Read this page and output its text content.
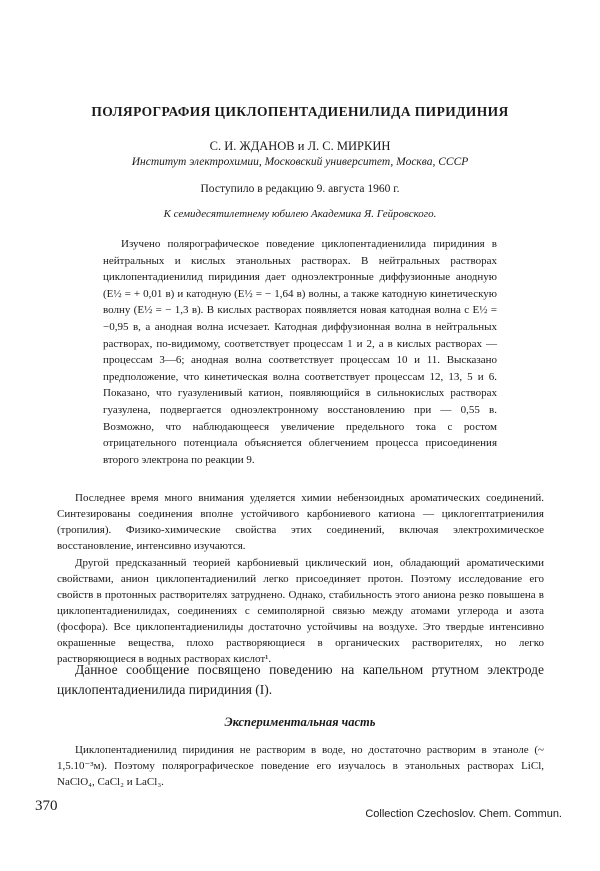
ПОЛЯРОГРАФИЯ ЦИКЛОПЕНТАДИЕНИЛИДА ПИРИДИНИЯ
С. И. ЖДАНОВ и Л. С. МИРКИН
Институт электрохимии, Московский университет, Москва, СССР
Поступило в редакцию 9. августа 1960 г.
К семидесятилетнему юбилею Академика Я. Гейровского.

Изучено полярографическое поведение циклопентадиенилида пиридиния в нейтральных и кислых этанольных растворах. В нейтральных растворах циклопентадиенилид пиридиния дает одноэлектронные диффузионные анодную (E½ = + 0,01 в) и катодную (E½ = − 1,64 в) волны, а также катодную кинетическую волну (E½ = − 1,3 в). В кислых растворах появляется новая катодная волна с E½ = −0,95 в, а анодная волна исчезает. Катодная диффузионная волна в нейтральных растворах, по-видимому, соответствует процессам 1 и 2, а в кислых растворах — процессам 3—6; анодная волна соответствует процессам 10 и 11. Высказано предположение, что кинетическая волна соответствует процессам 12, 13, 5 и 6. Показано, что гуазуленивый катион, появляющийся в сильнокислых растворах гуазулена, подвергается одноэлектронному восстановлению при — 0,55 в. Возможно, что наблюдающееся увеличение предельного тока с ростом отрицательного потенциала объясняется облегчением процесса присоединения второго электрона по реакции 9.

Последнее время много внимания уделяется химии небензоидных ароматических соединений. Синтезированы соединения вполне устойчивого карбониевого катиона — циклогептатриенилия (тропилия). Физико-химические свойства этих соединений, включая электрохимическое восстановление, интенсивно изучаются.

Другой предсказанный теорией карбониевый циклический ион, обладающий ароматическими свойствами, анион циклопентадиенилий легко присоединяет протон. Поэтому исследование его свойств в протонных растворителях затруднено. Однако, стабильность этого аниона резко повышена в циклопентадиенилидах, соединениях с семиполярной связью между атомами углерода и азота (фосфора). Все циклопентадиенилиды достаточно устойчивы на воздухе. Это твердые интенсивно окрашенные вещества, плохо растворяющиеся в органических растворителях, но легко растворяющиеся в водных растворах кислот¹.

Данное сообщение посвящено поведению на капельном ртутном электроде циклопентадиенилида пиридиния (I).

Экспериментальная часть

Циклопентадиенилид пиридиния не растворим в воде, но достаточно растворим в этаноле (~ 1,5.10⁻³м). Поэтому полярографическое поведение его изучалось в этанольных растворах LiCl, NaClO₄, CaCl₂ и LaCl₃.

370	Collection Czechoslov. Chem. Commun.
